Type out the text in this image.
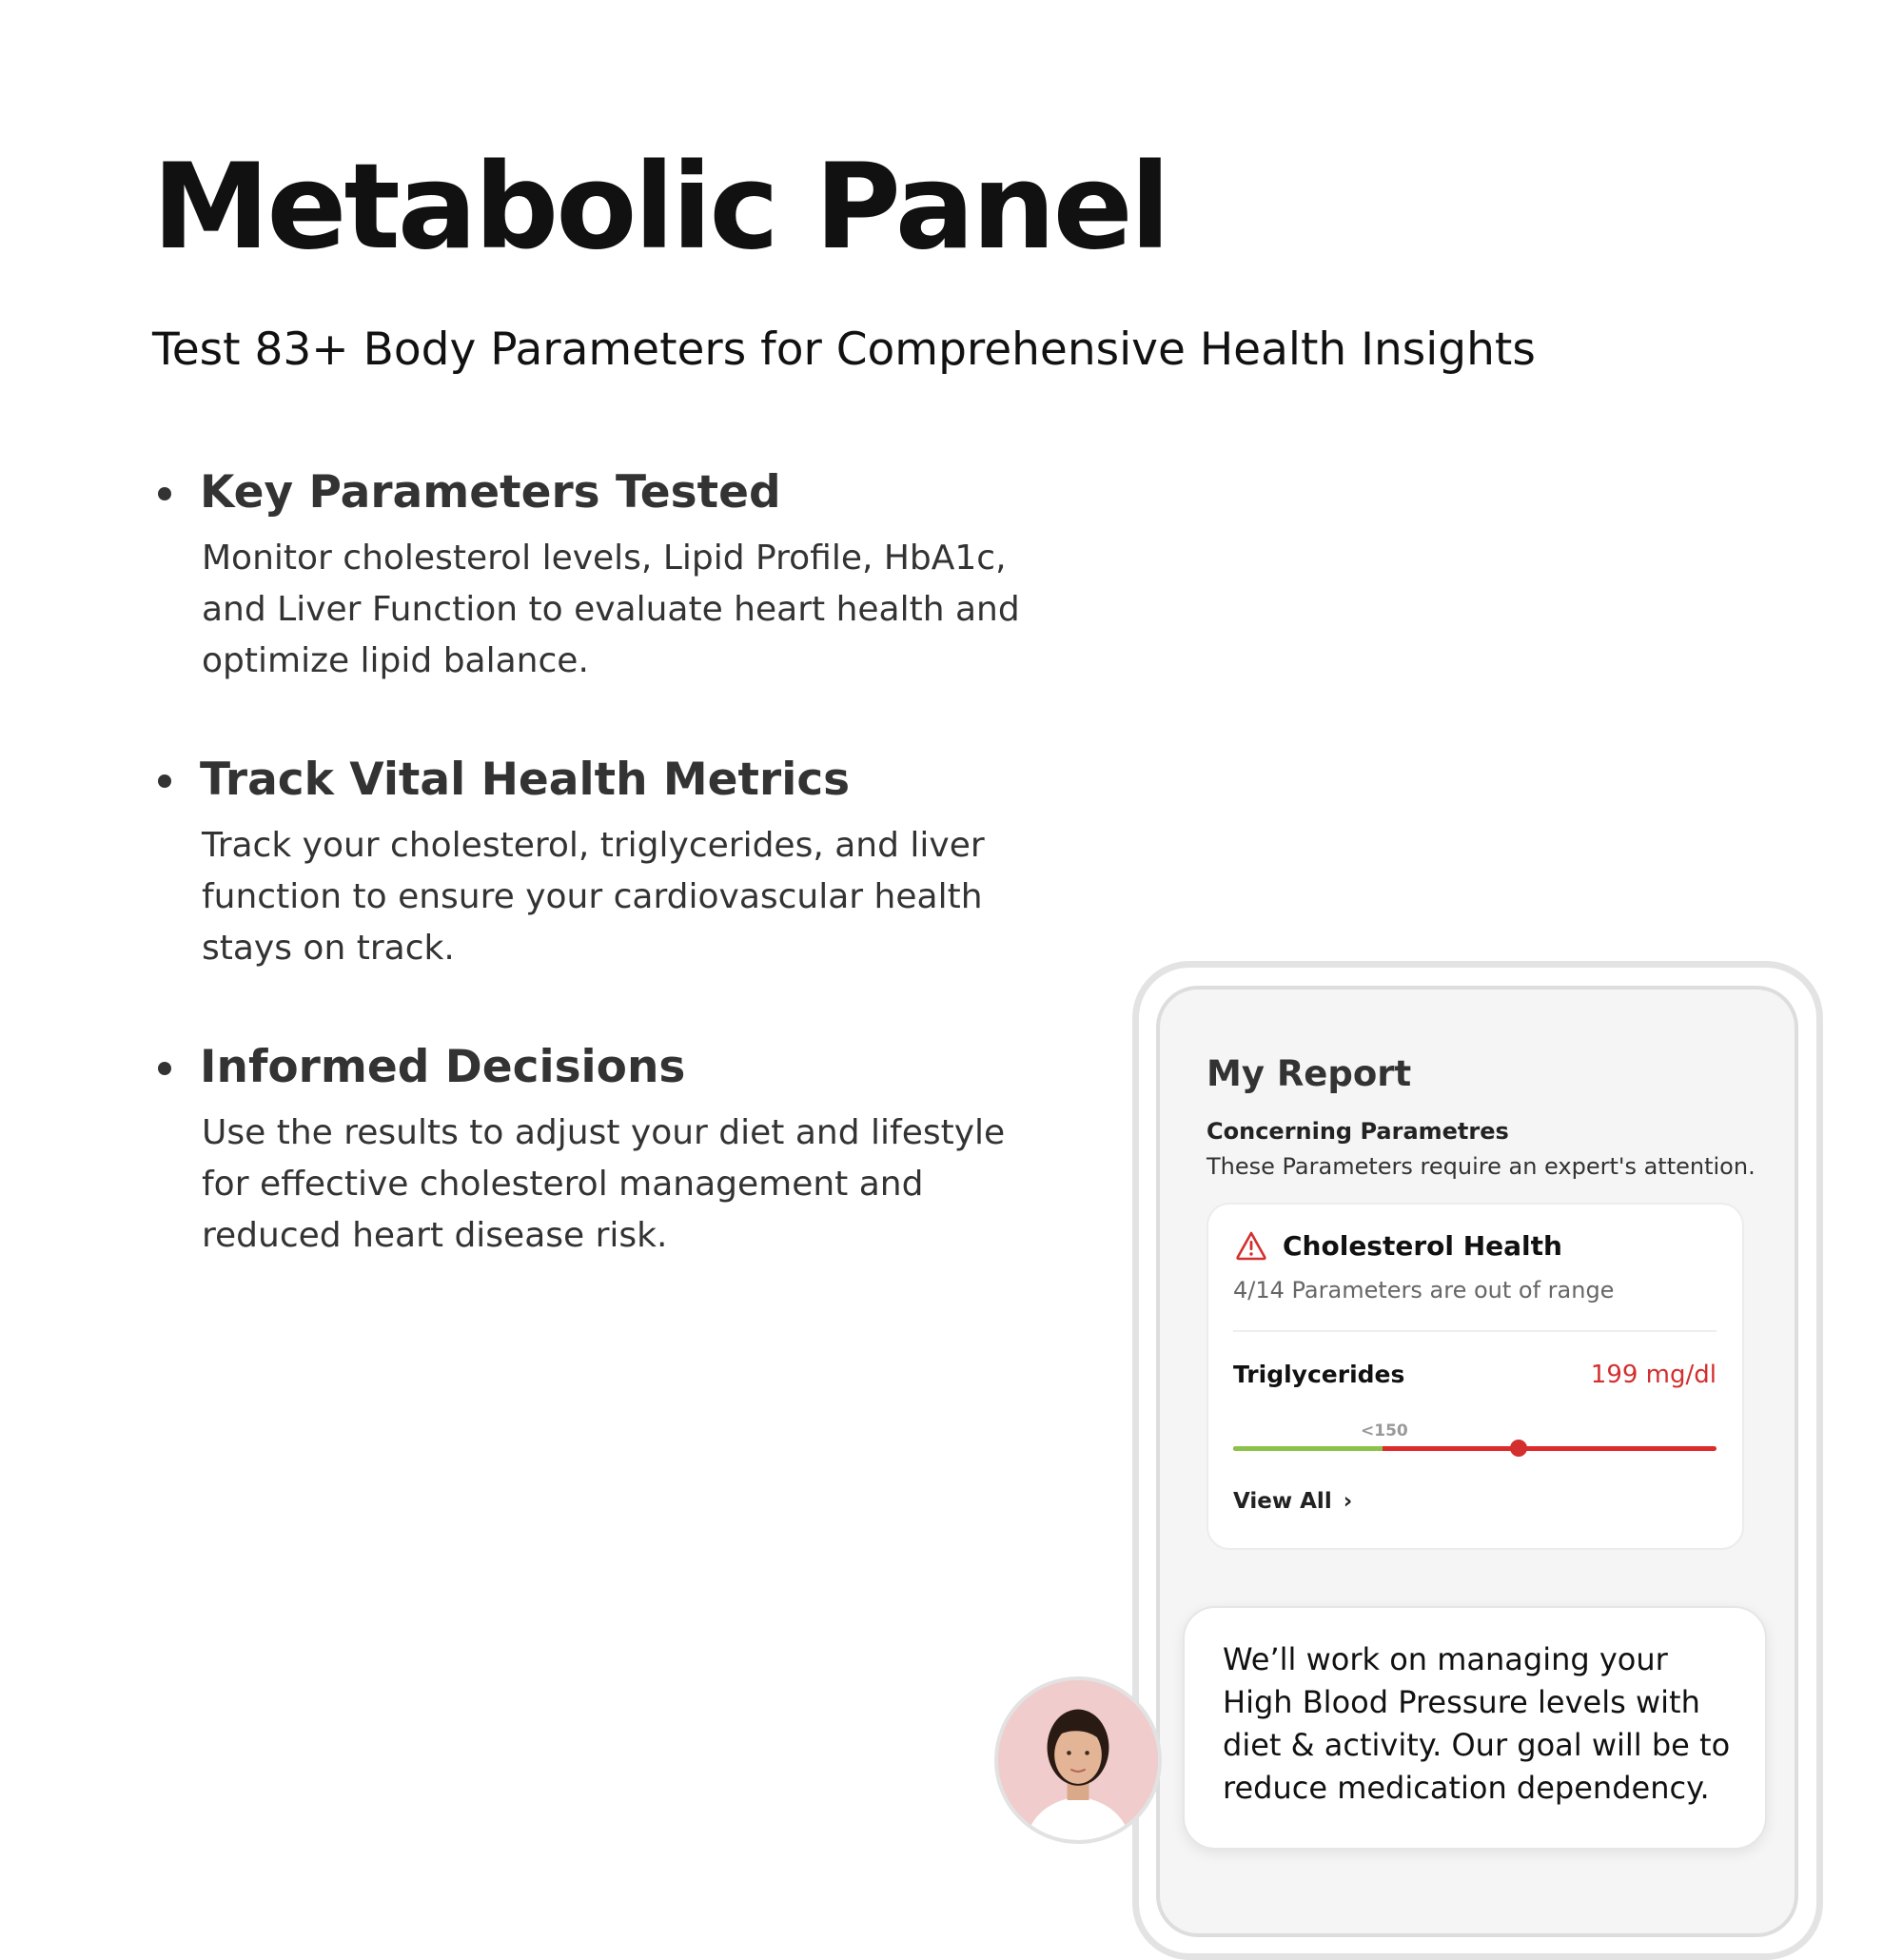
Metabolic Panel
Test 83+ Body Parameters for Comprehensive Health Insights
Key Parameters Tested

Monitor cholesterol levels, Lipid Profile, HbA1c, and Liver Function to evaluate heart health and optimize lipid balance.

Track Vital Health Metrics

Track your cholesterol, triglycerides, and liver function to ensure your cardiovascular health stays on track.

Informed Decisions

Use the results to adjust your diet and lifestyle for effective cholesterol management and reduced heart disease risk.

My Report
Concerning Parametres
These Parameters require an expert's attention.
Cholesterol Health
4/14 Parameters are out of range
Triglycerides	199 mg/dl
<150
View All ›

We’ll work on managing your High Blood Pressure levels with diet & activity. Our goal will be to reduce medication dependency.
